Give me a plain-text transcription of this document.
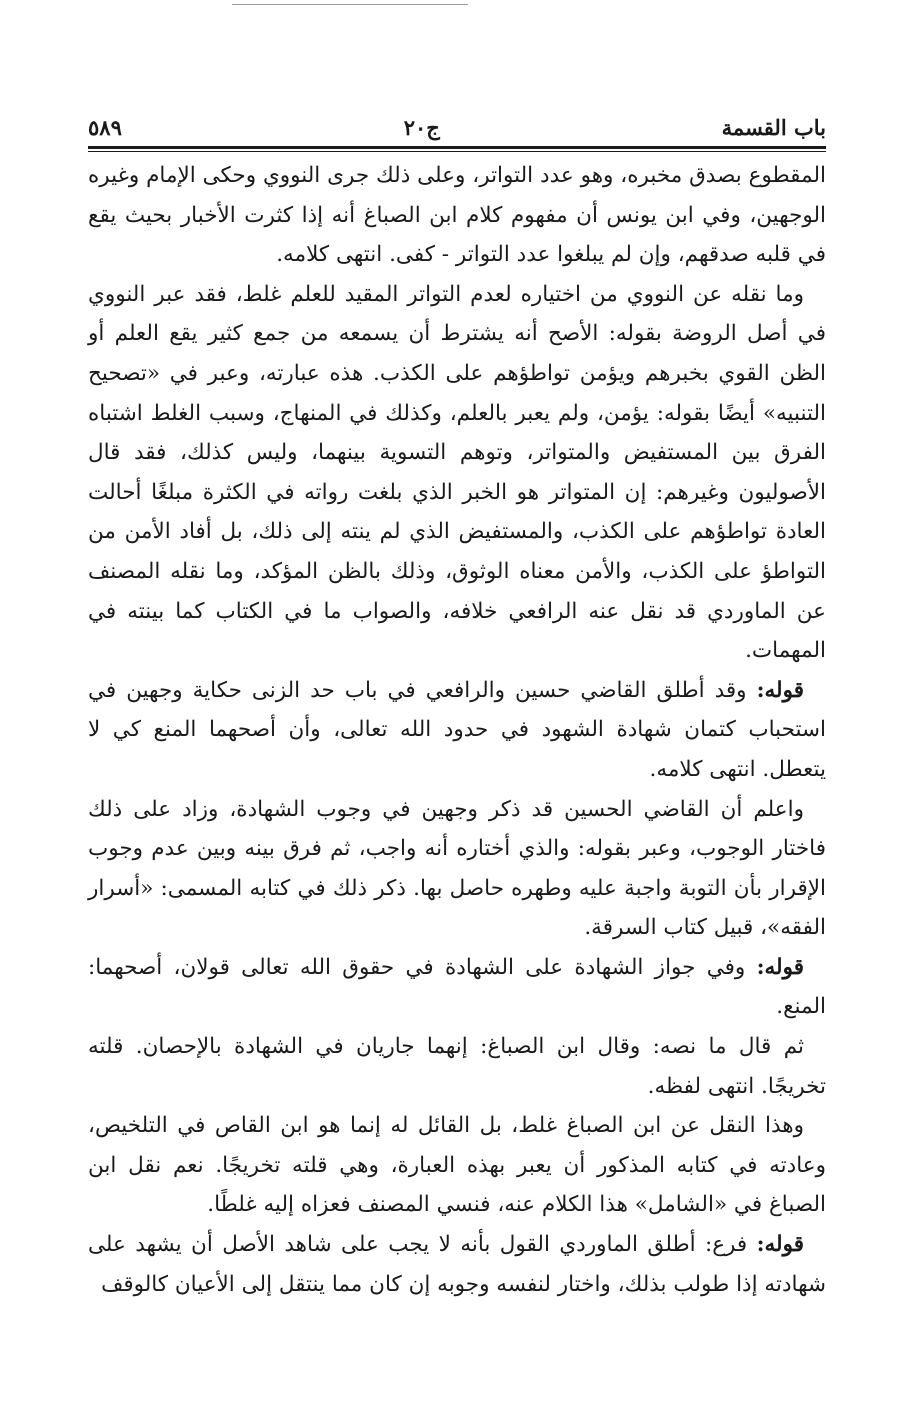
باب القسمة
ج٢٠
٥٨٩

المقطوع بصدق مخبره، وهو عدد التواتر، وعلى ذلك جرى النووي وحكى الإمام وغيره الوجهين، وفي ابن يونس أن مفهوم كلام ابن الصباغ أنه إذا كثرت الأخبار بحيث يقع في قلبه صدقهم، وإن لم يبلغوا عدد التواتر - كفى. انتهى كلامه.

وما نقله عن النووي من اختياره لعدم التواتر المقيد للعلم غلط، فقد عبر النووي في أصل الروضة بقوله: الأصح أنه يشترط أن يسمعه من جمع كثير يقع العلم أو الظن القوي بخبرهم ويؤمن تواطؤهم على الكذب. هذه عبارته، وعبر في «تصحيح التنبيه» أيضًا بقوله: يؤمن، ولم يعبر بالعلم، وكذلك في المنهاج، وسبب الغلط اشتباه الفرق بين المستفيض والمتواتر، وتوهم التسوية بينهما، وليس كذلك، فقد قال الأصوليون وغيرهم: إن المتواتر هو الخبر الذي بلغت رواته في الكثرة مبلغًا أحالت العادة تواطؤهم على الكذب، والمستفيض الذي لم ينته إلى ذلك، بل أفاد الأمن من التواطؤ على الكذب، والأمن معناه الوثوق، وذلك بالظن المؤكد، وما نقله المصنف عن الماوردي قد نقل عنه الرافعي خلافه، والصواب ما في الكتاب كما بينته في المهمات.

قوله: وقد أطلق القاضي حسين والرافعي في باب حد الزنى حكاية وجهين في استحباب كتمان شهادة الشهود في حدود الله تعالى، وأن أصحهما المنع كي لا يتعطل. انتهى كلامه.

واعلم أن القاضي الحسين قد ذكر وجهين في وجوب الشهادة، وزاد على ذلك فاختار الوجوب، وعبر بقوله: والذي أختاره أنه واجب، ثم فرق بينه وبين عدم وجوب الإقرار بأن التوبة واجبة عليه وطهره حاصل بها. ذكر ذلك في كتابه المسمى: «أسرار الفقه»، قبيل كتاب السرقة.

قوله: وفي جواز الشهادة على الشهادة في حقوق الله تعالى قولان، أصحهما: المنع.

ثم قال ما نصه: وقال ابن الصباغ: إنهما جاريان في الشهادة بالإحصان. قلته تخريجًا. انتهى لفظه.

وهذا النقل عن ابن الصباغ غلط، بل القائل له إنما هو ابن القاص في التلخيص، وعادته في كتابه المذكور أن يعبر بهذه العبارة، وهي قلته تخريجًا. نعم نقل ابن الصباغ في «الشامل» هذا الكلام عنه، فنسي المصنف فعزاه إليه غلطًا.

قوله: فرع: أطلق الماوردي القول بأنه لا يجب على شاهد الأصل أن يشهد على شهادته إذا طولب بذلك، واختار لنفسه وجوبه إن كان مما ينتقل إلى الأعيان كالوقف
